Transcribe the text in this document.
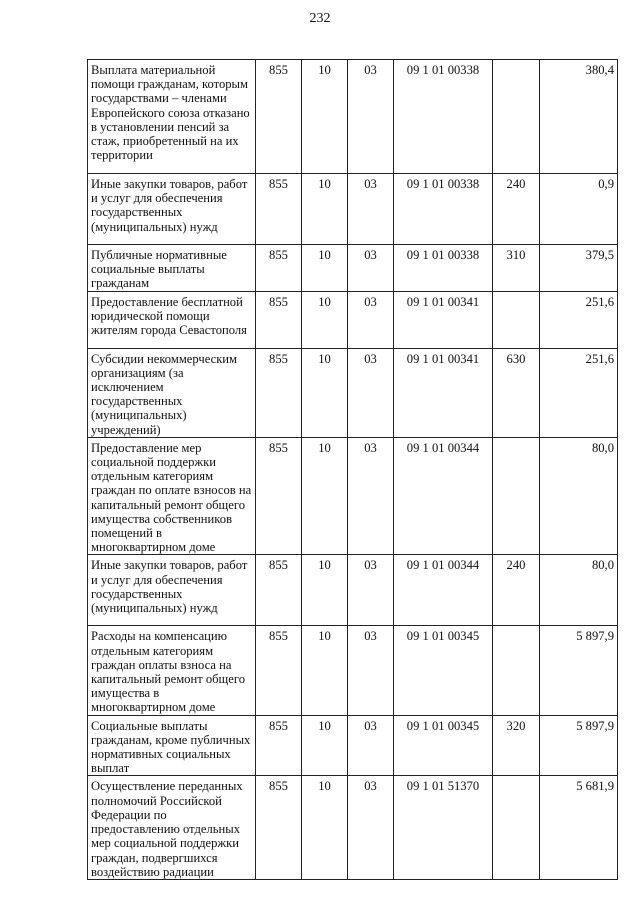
232
Выплата материальной помощи гражданам, которым государствами – членами Европейского союза отказано в установлении пенсий за стаж, приобретенный на их территории	855	10	03	09 1 01 00338		380,4
Иные закупки товаров, работ и услуг для обеспечения государственных (муниципальных) нужд	855	10	03	09 1 01 00338	240	0,9
Публичные нормативные социальные выплаты гражданам	855	10	03	09 1 01 00338	310	379,5
Предоставление бесплатной юридической помощи жителям города Севастополя	855	10	03	09 1 01 00341		251,6
Субсидии некоммерческим организациям (за исключением государственных (муниципальных) учреждений)	855	10	03	09 1 01 00341	630	251,6
Предоставление мер социальной поддержки отдельным категориям граждан по оплате взносов на капитальный ремонт общего имущества собственников помещений в многоквартирном доме	855	10	03	09 1 01 00344		80,0
Иные закупки товаров, работ и услуг для обеспечения государственных (муниципальных) нужд	855	10	03	09 1 01 00344	240	80,0
Расходы на компенсацию отдельным категориям граждан оплаты взноса на капитальный ремонт общего имущества в многоквартирном доме	855	10	03	09 1 01 00345		5 897,9
Социальные выплаты гражданам, кроме публичных нормативных социальных выплат	855	10	03	09 1 01 00345	320	5 897,9
Осуществление переданных полномочий Российской Федерации по предоставлению отдельных мер социальной поддержки граждан, подвергшихся воздействию радиации	855	10	03	09 1 01 51370		5 681,9
